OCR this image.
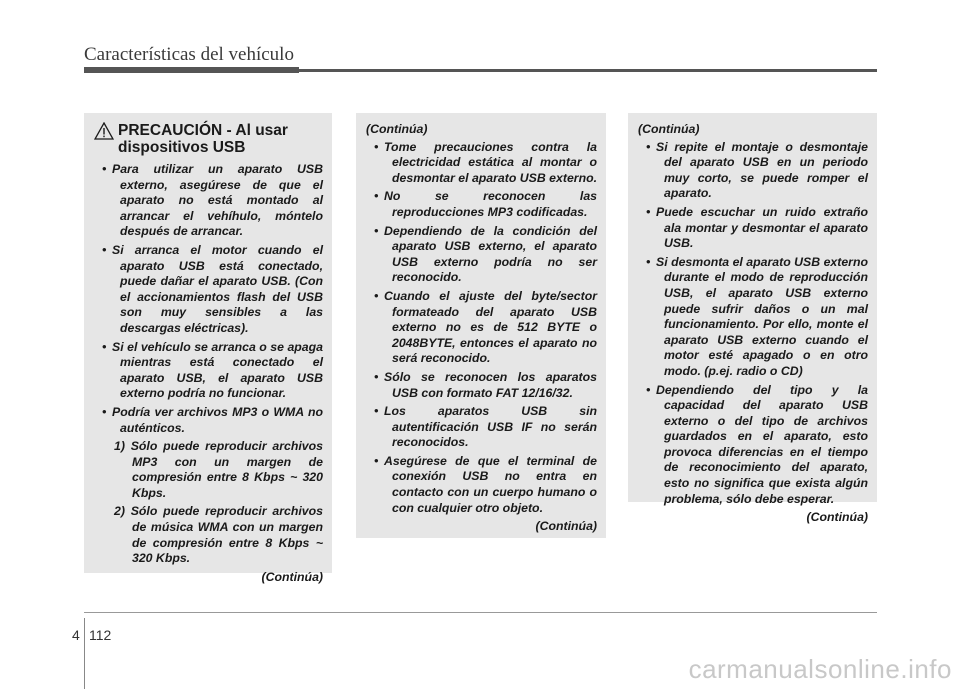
Características del vehículo
PRECAUCIÓN - Al usar dispositivos USB
• Para utilizar un aparato USB externo, asegúrese de que el aparato no está montado al arrancar el vehíhulo, móntelo después de arrancar.
• Si arranca el motor cuando el aparato USB está conectado, puede dañar el aparato USB. (Con el accionamientos flash del USB son muy sensibles a las descargas eléctricas).
• Si el vehículo se arranca o se apaga mientras está conectado el aparato USB, el aparato USB externo podría no funcionar.
• Podría ver archivos MP3 o WMA no auténticos.
1) Sólo puede reproducir archivos MP3 con un margen de compresión entre 8 Kbps ~ 320 Kbps.
2) Sólo puede reproducir archivos de música WMA con un margen de compresión entre 8 Kbps ~ 320 Kbps.
(Continúa)
(Continúa)
• Tome precauciones contra la electricidad estática al montar o desmontar el aparato USB externo.
• No se reconocen las reproducciones MP3 codificadas.
• Dependiendo de la condición del aparato USB externo, el aparato USB externo podría no ser reconocido.
• Cuando el ajuste del byte/sector formateado del aparato USB externo no es de 512 BYTE o 2048BYTE, entonces el aparato no será reconocido.
• Sólo se reconocen los aparatos USB con formato FAT 12/16/32.
• Los aparatos USB sin autentificación USB IF no serán reconocidos.
• Asegúrese de que el terminal de conexión USB no entra en contacto con un cuerpo humano o con cualquier otro objeto.
(Continúa)
(Continúa)
• Si repite el montaje o desmontaje del aparato USB en un periodo muy corto, se puede romper el aparato.
• Puede escuchar un ruido extraño ala montar y desmontar el aparato USB.
• Si desmonta el aparato USB externo durante el modo de reproducción USB, el aparato USB externo puede sufrir daños o un mal funcionamiento. Por ello, monte el aparato USB externo cuando el motor esté apagado o en otro modo. (p.ej. radio o CD)
• Dependiendo del tipo y la capacidad del aparato USB externo o del tipo de archivos guardados en el aparato, esto provoca diferencias en el tiempo de reconocimiento del aparato, esto no significa que exista algún problema, sólo debe esperar.
(Continúa)
4 112
carmanualsonline.info
